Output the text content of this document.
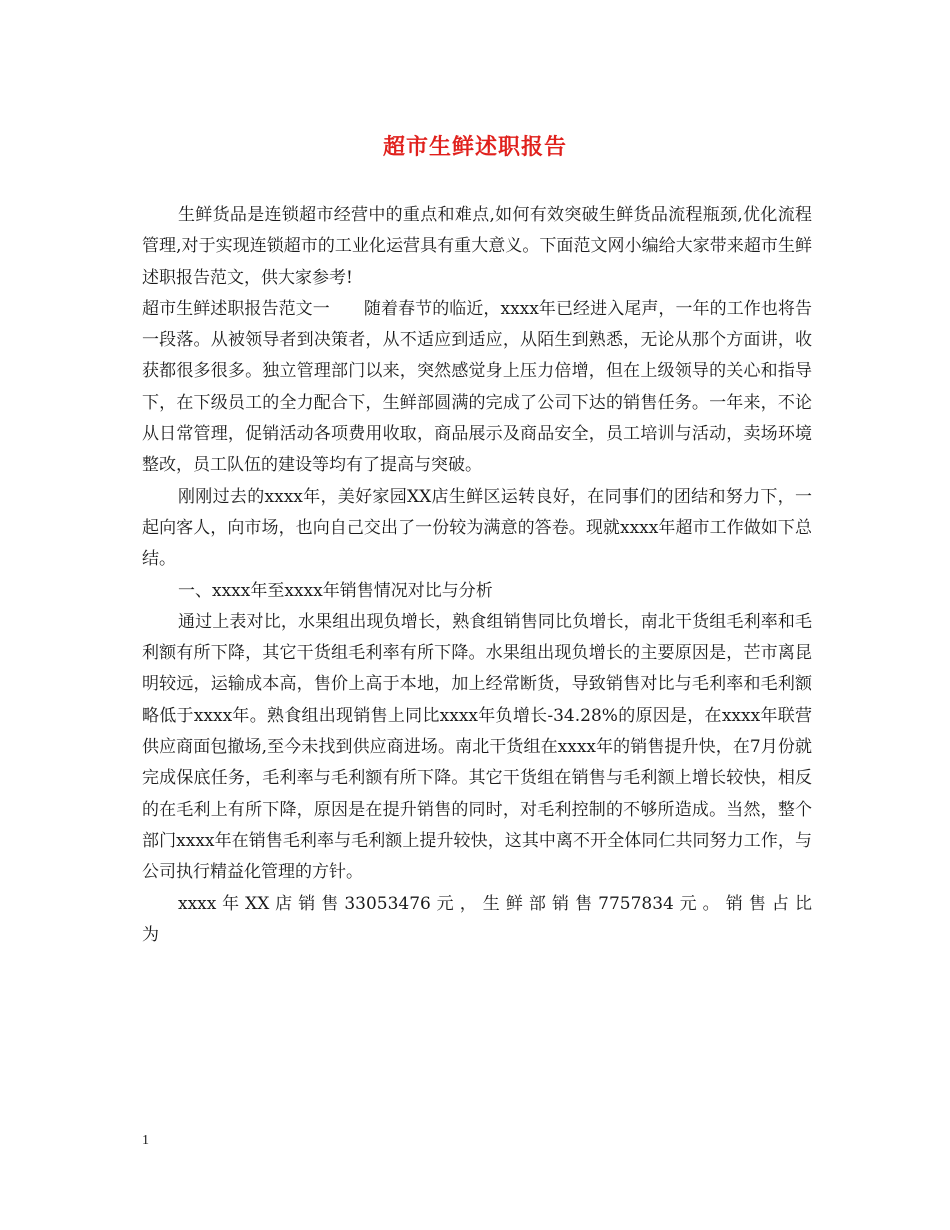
超市生鲜述职报告

生鲜货品是连锁超市经营中的重点和难点,如何有效突破生鲜货品流程瓶颈,优化流程管理,对于实现连锁超市的工业化运营具有重大意义。下面范文网小编给大家带来超市生鲜述职报告范文，供大家参考!

超市生鲜述职报告范文一　　随着春节的临近，xxxx年已经进入尾声，一年的工作也将告一段落。从被领导者到决策者，从不适应到适应，从陌生到熟悉，无论从那个方面讲，收获都很多很多。独立管理部门以来，突然感觉身上压力倍增，但在上级领导的关心和指导下，在下级员工的全力配合下，生鲜部圆满的完成了公司下达的销售任务。一年来，不论从日常管理，促销活动各项费用收取，商品展示及商品安全，员工培训与活动，卖场环境整改，员工队伍的建设等均有了提高与突破。

刚刚过去的xxxx年，美好家园XX店生鲜区运转良好，在同事们的团结和努力下，一起向客人，向市场，也向自己交出了一份较为满意的答卷。现就xxxx年超市工作做如下总结。

一、xxxx年至xxxx年销售情况对比与分析

通过上表对比，水果组出现负增长，熟食组销售同比负增长，南北干货组毛利率和毛利额有所下降，其它干货组毛利率有所下降。水果组出现负增长的主要原因是，芒市离昆明较远，运输成本高，售价上高于本地，加上经常断货，导致销售对比与毛利率和毛利额略低于xxxx年。熟食组出现销售上同比xxxx年负增长-34.28%的原因是，在xxxx年联营供应商面包撤场,至今未找到供应商进场。南北干货组在xxxx年的销售提升快，在7月份就完成保底任务，毛利率与毛利额有所下降。其它干货组在销售与毛利额上增长较快，相反的在毛利上有所下降，原因是在提升销售的同时，对毛利控制的不够所造成。当然，整个部门xxxx年在销售毛利率与毛利额上提升较快，这其中离不开全体同仁共同努力工作，与公司执行精益化管理的方针。

xxxx 年 XX 店 销 售 33053476 元 ， 生 鲜 部 销 售 7757834 元 。 销 售 占 比 为

1
